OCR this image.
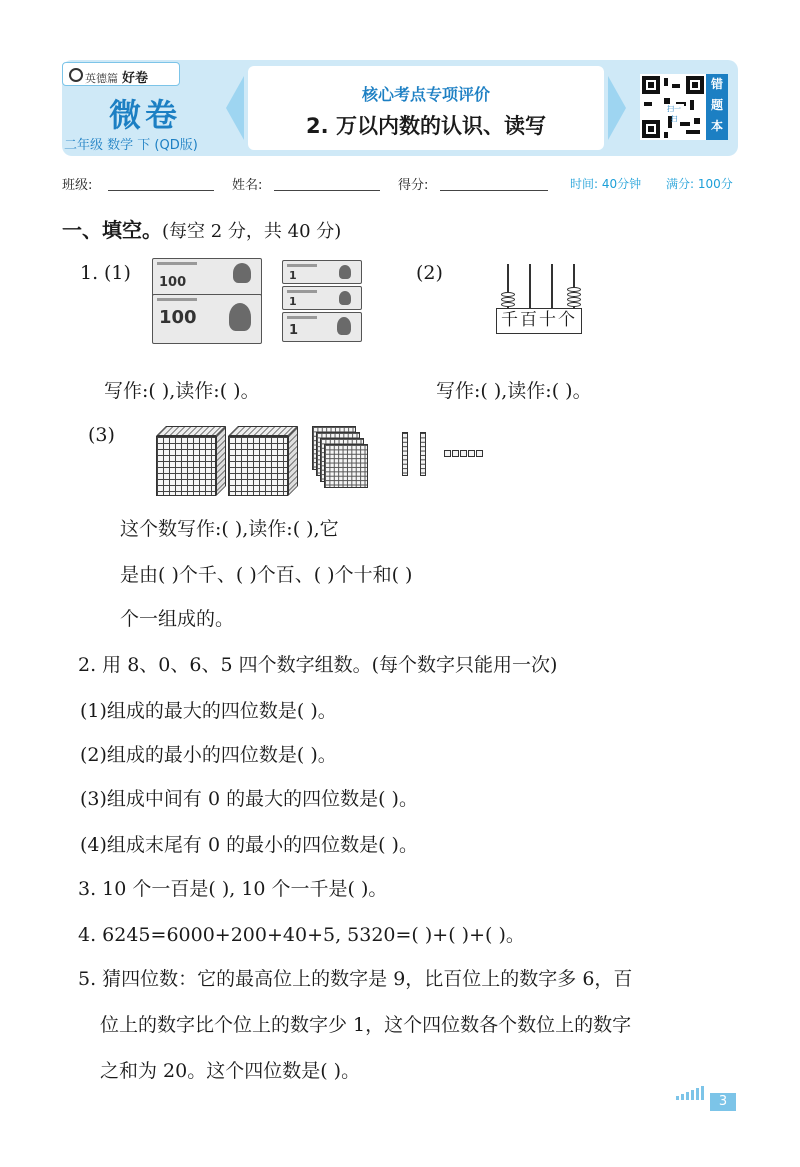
英德篇 好卷
微卷
二年级 数学 下 (QD版)
核心考点专项评价
2. 万以内数的认识、读写
扫一扫
错题本
班级:	姓名:	得分:	时间: 40分钟 满分: 100分
一、填空。(每空 2 分，共 40 分)
1. (1) 100
100
1
1
1
(2)
千百十个
写作:( ),读作:( )。	写作:( ),读作:( )。
(3)
这个数写作:( ),读作:( ),它
是由( )个千、( )个百、( )个十和( )
个一组成的。
2. 用 8、0、6、5 四个数字组数。(每个数字只能用一次)
(1)组成的最大的四位数是( )。
(2)组成的最小的四位数是( )。
(3)组成中间有 0 的最大的四位数是( )。
(4)组成末尾有 0 的最小的四位数是( )。
3. 10 个一百是( ), 10 个一千是( )。
4. 6245=6000+200+40+5, 5320=( )+( )+( )。
5. 猜四位数：它的最高位上的数字是 9，比百位上的数字多 6，百
位上的数字比个位上的数字少 1，这个四位数各个数位上的数字
之和为 20。这个四位数是( )。
3
